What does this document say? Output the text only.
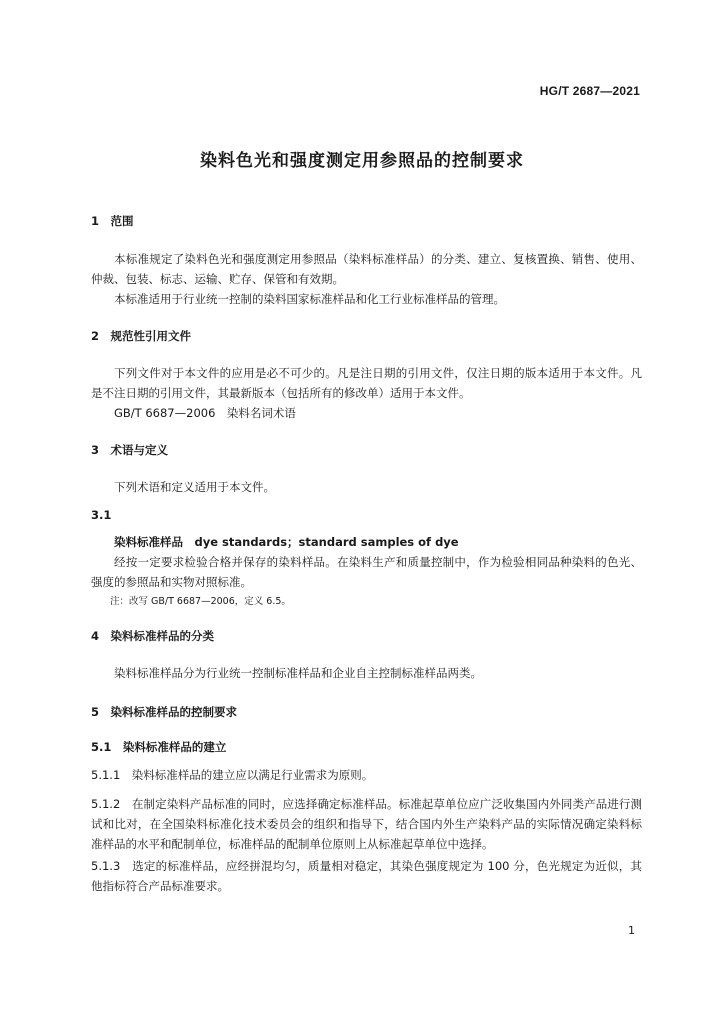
HG/T 2687—2021
染料色光和强度测定用参照品的控制要求
1　范围
本标准规定了染料色光和强度测定用参照品（染料标准样品）的分类、建立、复核置换、销售、使用、仲裁、包装、标志、运输、贮存、保管和有效期。
本标准适用于行业统一控制的染料国家标准样品和化工行业标准样品的管理。
2　规范性引用文件
下列文件对于本文件的应用是必不可少的。凡是注日期的引用文件，仅注日期的版本适用于本文件。凡是不注日期的引用文件，其最新版本（包括所有的修改单）适用于本文件。
GB/T 6687—2006　染料名词术语
3　术语与定义
下列术语和定义适用于本文件。
3.1
染料标准样品　dye standards；standard samples of dye
经按一定要求检验合格并保存的染料样品。在染料生产和质量控制中，作为检验相同品种染料的色光、强度的参照品和实物对照标准。
注：改写 GB/T 6687—2006，定义 6.5。
4　染料标准样品的分类
染料标准样品分为行业统一控制标准样品和企业自主控制标准样品两类。
5　染料标准样品的控制要求
5.1　染料标准样品的建立
5.1.1　染料标准样品的建立应以满足行业需求为原则。
5.1.2　在制定染料产品标准的同时，应选择确定标准样品。标准起草单位应广泛收集国内外同类产品进行测试和比对，在全国染料标准化技术委员会的组织和指导下，结合国内外生产染料产品的实际情况确定染料标准样品的水平和配制单位，标准样品的配制单位原则上从标准起草单位中选择。
5.1.3　选定的标准样品，应经拼混均匀，质量相对稳定，其染色强度规定为 100 分，色光规定为近似，其他指标符合产品标准要求。
1
